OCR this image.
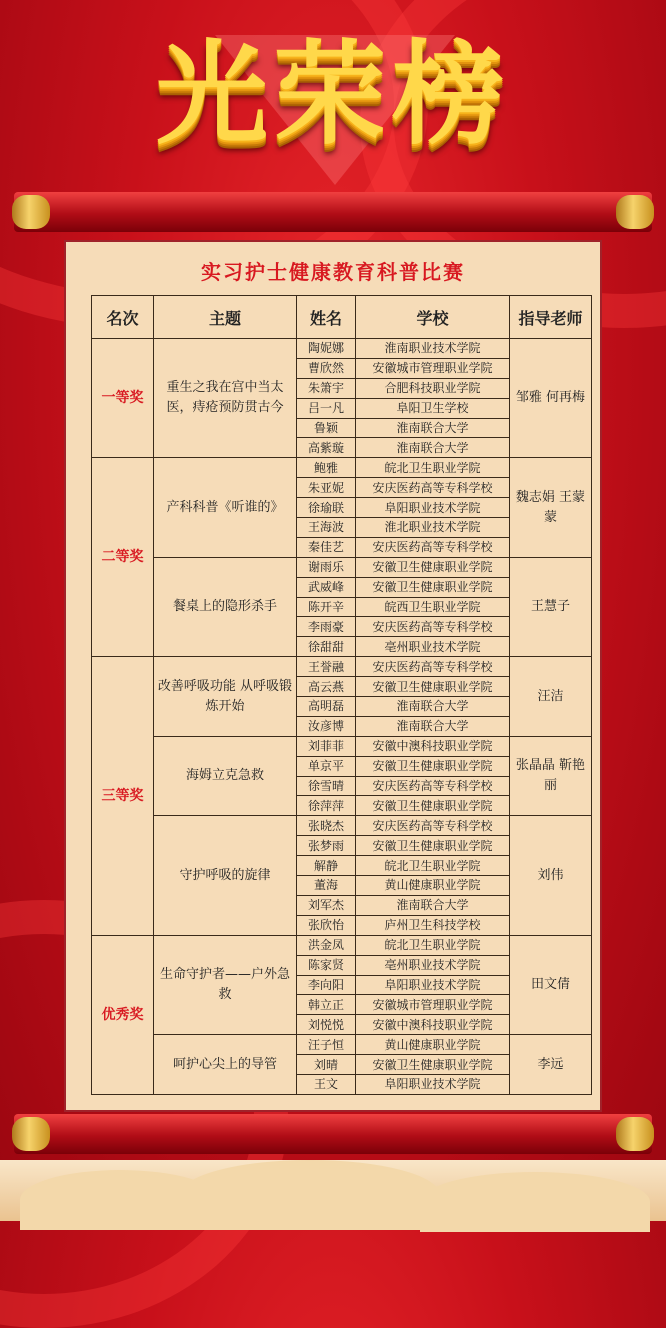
光荣榜
实习护士健康教育科普比赛
名次	主题	姓名	学校	指导老师
一等奖	重生之我在宫中当太医，痔疮预防贯古今	陶妮娜	淮南职业技术学院	邹雅 何再梅
		曹欣然	安徽城市管理职业学院	
		朱箫宇	合肥科技职业学院	
		吕一凡	阜阳卫生学校	
		鲁颖	淮南联合大学	
		高紫璇	淮南联合大学	
二等奖	产科科普《听谁的》	鲍雅	皖北卫生职业学院	魏志娟 王蒙蒙
		朱亚妮	安庆医药高等专科学校	
		徐瑜联	阜阳职业技术学院	
		王海波	淮北职业技术学院	
		秦佳艺	安庆医药高等专科学校	
	餐桌上的隐形杀手	谢雨乐	安徽卫生健康职业学院	王慧子
		武威峰	安徽卫生健康职业学院	
		陈开辛	皖西卫生职业学院	
		李雨豪	安庆医药高等专科学校	
		徐甜甜	亳州职业技术学院	
三等奖	改善呼吸功能 从呼吸锻炼开始	王誉融	安庆医药高等专科学校	汪洁
		高云燕	安徽卫生健康职业学院	
		高明磊	淮南联合大学	
		汝彦博	淮南联合大学	
	海姆立克急救	刘菲菲	安徽中澳科技职业学院	张晶晶 靳艳丽
		单京平	安徽卫生健康职业学院	
		徐雪晴	安庆医药高等专科学校	
		徐萍萍	安徽卫生健康职业学院	
	守护呼吸的旋律	张晓杰	安庆医药高等专科学校	刘伟
		张梦雨	安徽卫生健康职业学院	
		解静	皖北卫生职业学院	
		董海	黄山健康职业学院	
		刘军杰	淮南联合大学	
		张欣怡	庐州卫生科技学校	
优秀奖	生命守护者——户外急救	洪金凤	皖北卫生职业学院	田文倩
		陈家贤	亳州职业技术学院	
		李向阳	阜阳职业技术学院	
		韩立正	安徽城市管理职业学院	
		刘悦悦	安徽中澳科技职业学院	
	呵护心尖上的导管	汪子恒	黄山健康职业学院	李远
		刘晴	安徽卫生健康职业学院	
		王文	阜阳职业技术学院	
